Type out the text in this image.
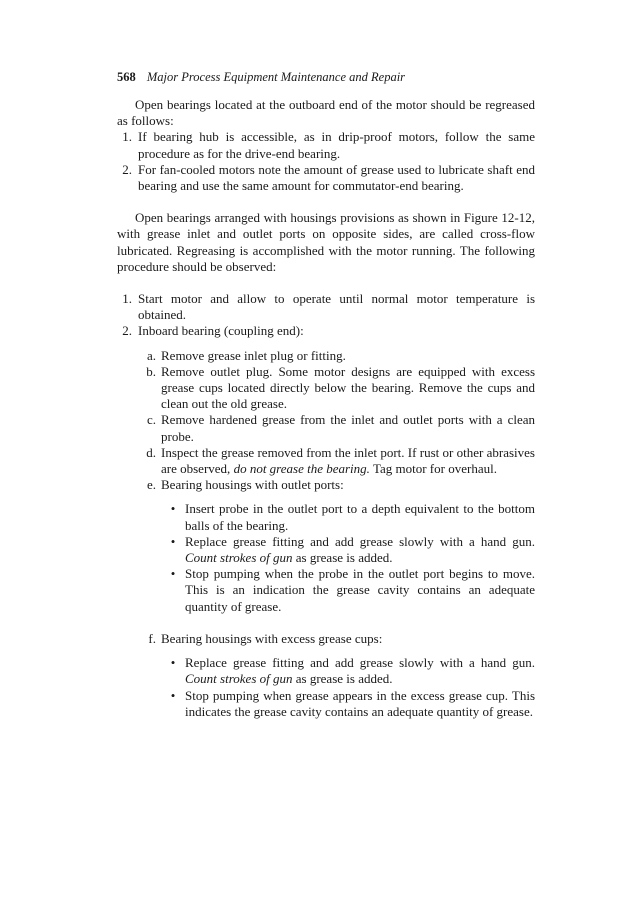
568 Major Process Equipment Maintenance and Repair

Open bearings located at the outboard end of the motor should be regreased as follows:

1. If bearing hub is accessible, as in drip-proof motors, follow the same procedure as for the drive-end bearing.
2. For fan-cooled motors note the amount of grease used to lubricate shaft end bearing and use the same amount for commutator-end bearing.

Open bearings arranged with housings provisions as shown in Figure 12-12, with grease inlet and outlet ports on opposite sides, are called cross-flow lubricated. Regreasing is accomplished with the motor running. The following procedure should be observed:

1. Start motor and allow to operate until normal motor temperature is obtained.
2. Inboard bearing (coupling end):
a. Remove grease inlet plug or fitting.
b. Remove outlet plug. Some motor designs are equipped with excess grease cups located directly below the bearing. Remove the cups and clean out the old grease.
c. Remove hardened grease from the inlet and outlet ports with a clean probe.
d. Inspect the grease removed from the inlet port. If rust or other abrasives are observed, do not grease the bearing. Tag motor for overhaul.
e. Bearing housings with outlet ports:
• Insert probe in the outlet port to a depth equivalent to the bottom balls of the bearing.
• Replace grease fitting and add grease slowly with a hand gun. Count strokes of gun as grease is added.
• Stop pumping when the probe in the outlet port begins to move. This is an indication the grease cavity contains an adequate quantity of grease.
f. Bearing housings with excess grease cups:
• Replace grease fitting and add grease slowly with a hand gun. Count strokes of gun as grease is added.
• Stop pumping when grease appears in the excess grease cup. This indicates the grease cavity contains an adequate quantity of grease.
